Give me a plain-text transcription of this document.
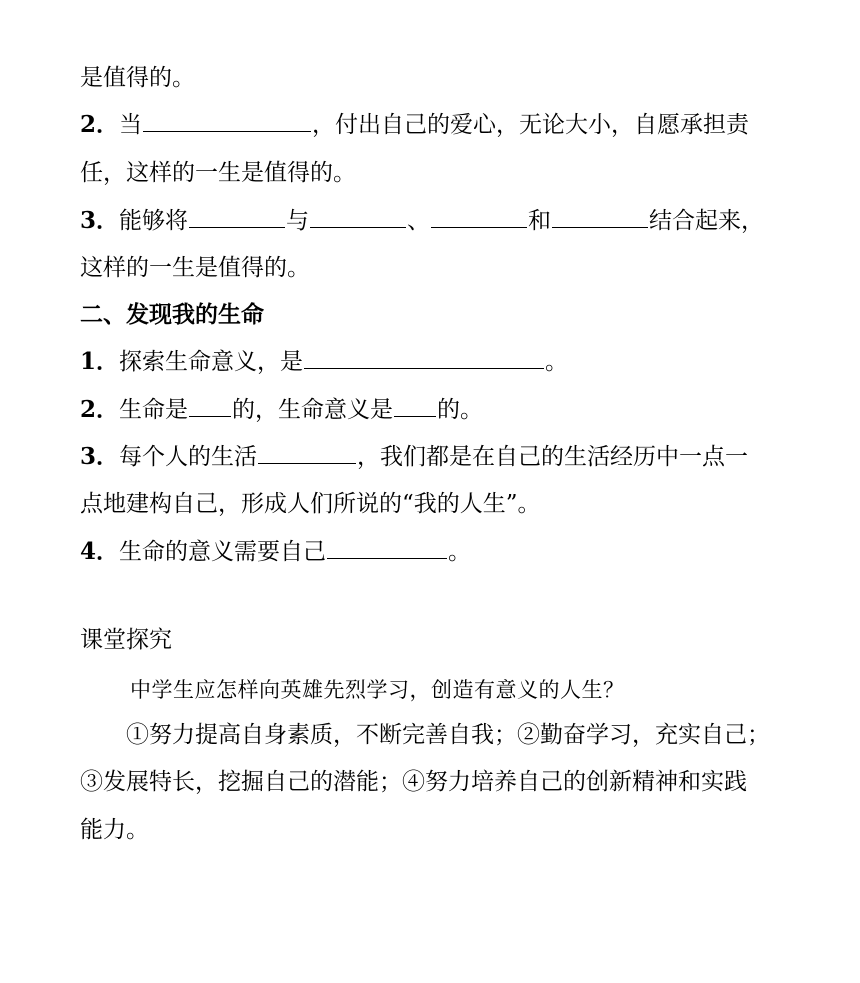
是值得的。
2．当	，付出自己的爱心，无论大小，自愿承担责
任，这样的一生是值得的。
3．能够将	与	、	和	结合起来，
这样的一生是值得的。
二、发现我的生命
1．探索生命意义，是	。
2．生命是 的，生命意义是 的。
3．每个人的生活	，我们都是在自己的生活经历中一点一
点地建构自己，形成人们所说的“我的人生”。
4．生命的意义需要自己	。
课堂探究
中学生应怎样向英雄先烈学习，创造有意义的人生？
①努力提高自身素质，不断完善自我；②勤奋学习，充实自己；
③发展特长，挖掘自己的潜能；④努力培养自己的创新精神和实践
能力。
